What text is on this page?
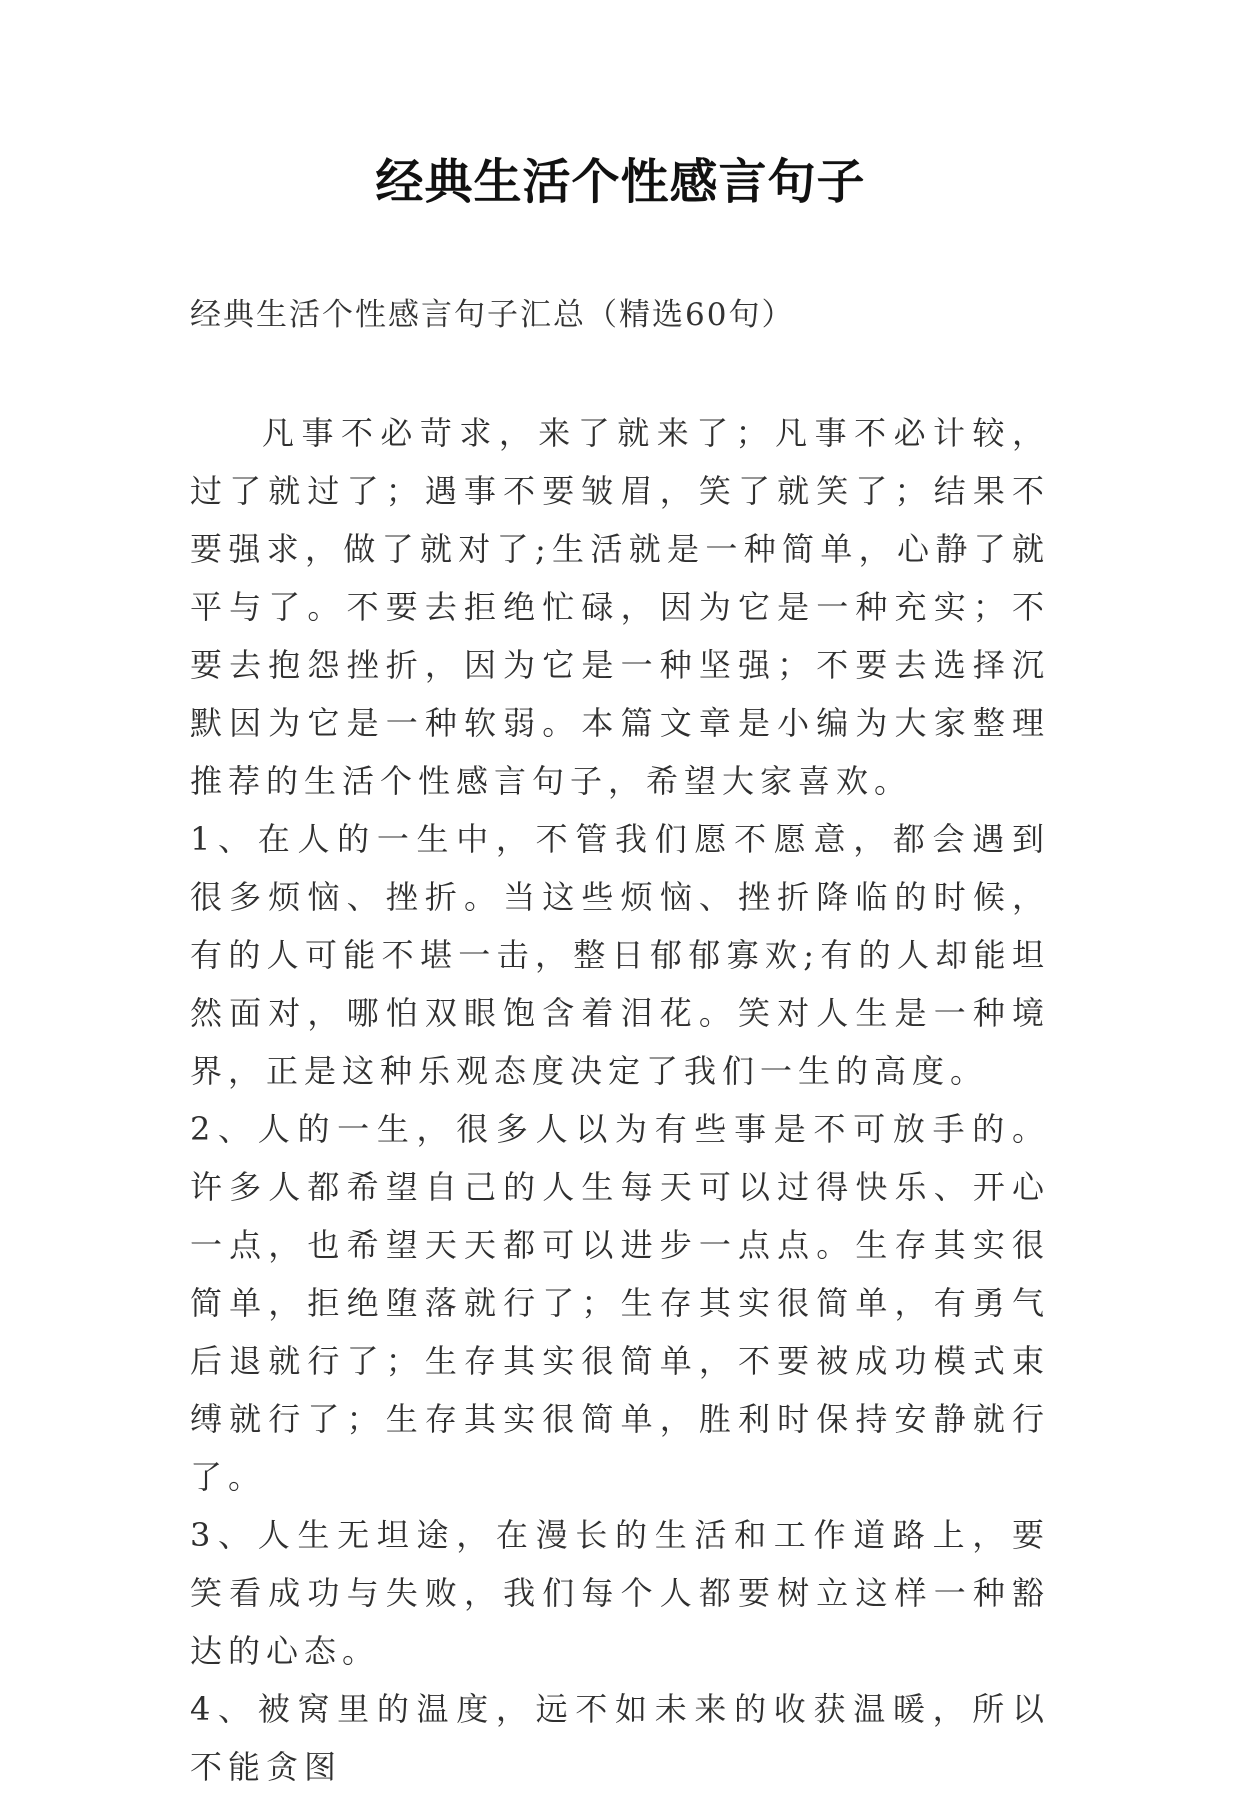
经典生活个性感言句子

经典生活个性感言句子汇总（精选60句）

凡事不必苛求，来了就来了；凡事不必计较，过了就过了；遇事不要皱眉，笑了就笑了；结果不要强求，做了就对了;生活就是一种简单，心静了就平与了。不要去拒绝忙碌，因为它是一种充实；不要去抱怨挫折，因为它是一种坚强；不要去选择沉默因为它是一种软弱。本篇文章是小编为大家整理推荐的生活个性感言句子，希望大家喜欢。

1、在人的一生中，不管我们愿不愿意，都会遇到很多烦恼、挫折。当这些烦恼、挫折降临的时候，有的人可能不堪一击，整日郁郁寡欢;有的人却能坦然面对，哪怕双眼饱含着泪花。笑对人生是一种境界，正是这种乐观态度决定了我们一生的高度。

2、人的一生，很多人以为有些事是不可放手的。许多人都希望自己的人生每天可以过得快乐、开心一点，也希望天天都可以进步一点点。生存其实很简单，拒绝堕落就行了；生存其实很简单，有勇气后退就行了；生存其实很简单，不要被成功模式束缚就行了；生存其实很简单，胜利时保持安静就行了。

3、人生无坦途，在漫长的生活和工作道路上，要笑看成功与失败，我们每个人都要树立这样一种豁达的心态。

4、被窝里的温度，远不如未来的收获温暖，所以不能贪图
